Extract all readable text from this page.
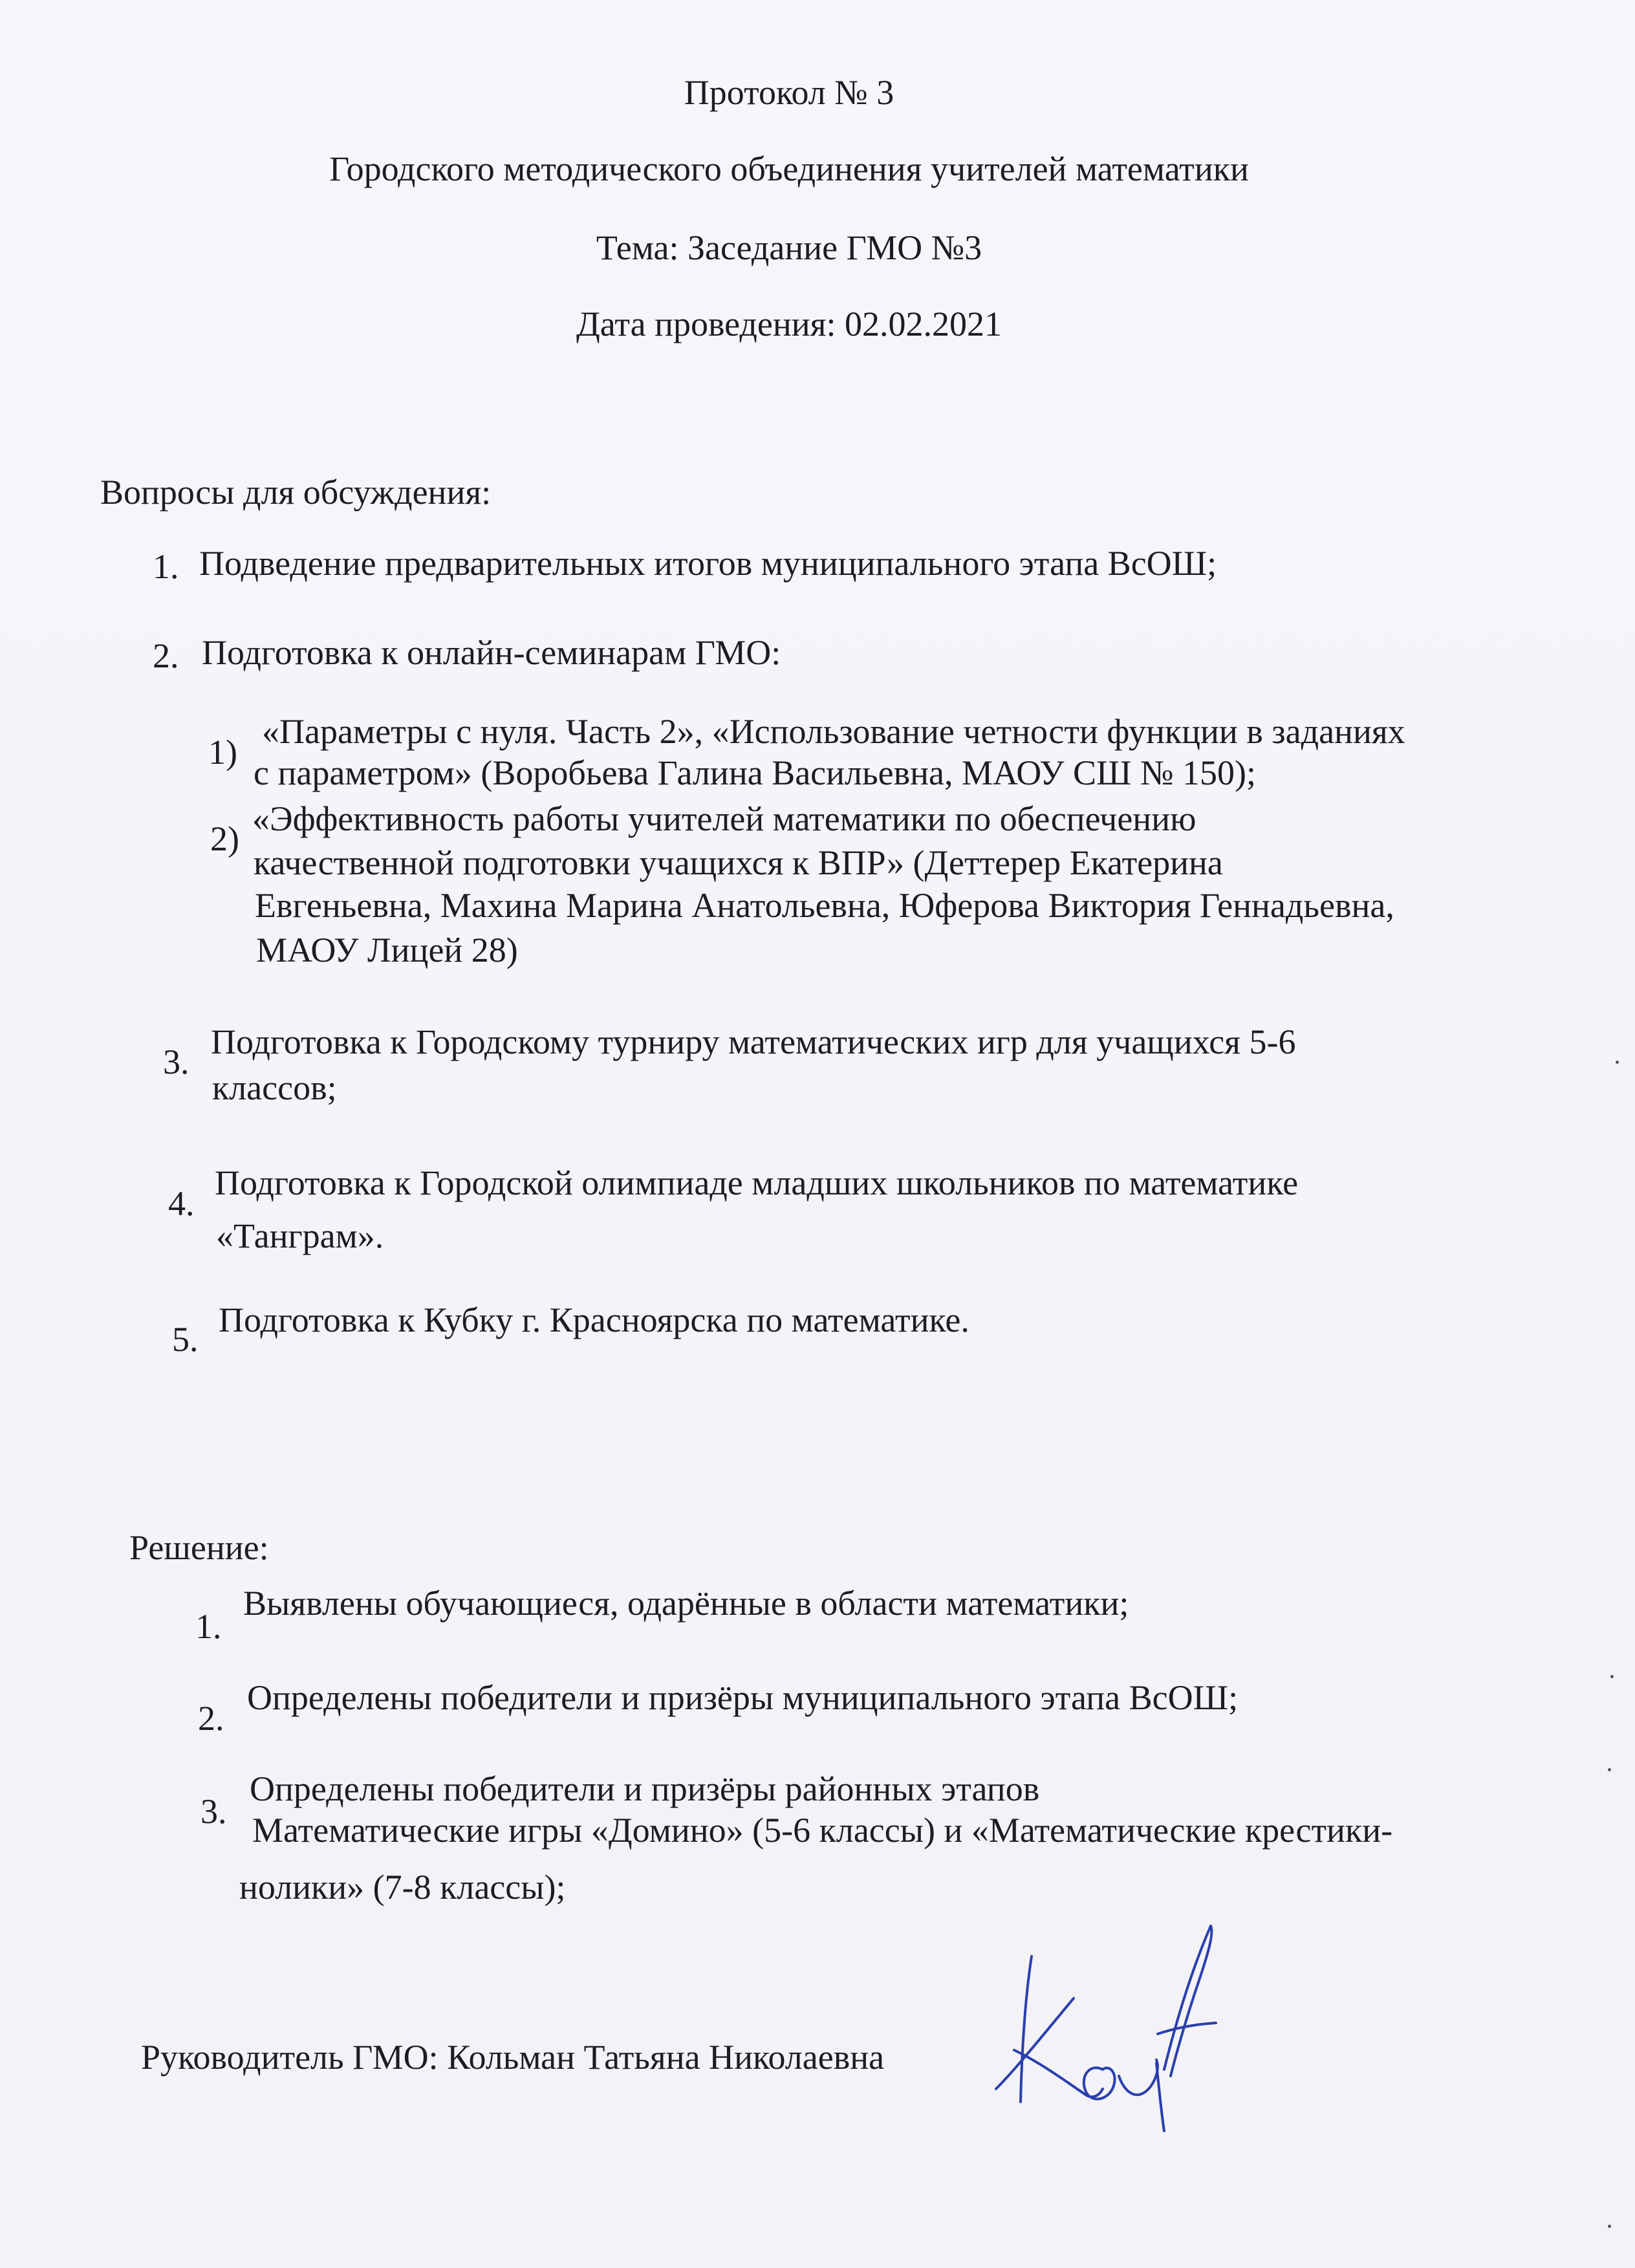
Протокол № 3
Городского методического объединения учителей математики
Тема: Заседание ГМО №3
Дата проведения: 02.02.2021
Вопросы для обсуждения:
1. Подведение предварительных итогов муниципального этапа ВсОШ;
2. Подготовка к онлайн-семинарам ГМО:
1)
«Параметры с нуля. Часть 2», «Использование четности функции в заданиях
с параметром» (Воробьева Галина Васильевна, МАОУ СШ № 150);
2)
«Эффективность работы учителей математики по обеспечению
качественной подготовки учащихся к ВПР» (Деттерер Екатерина
Евгеньевна, Махина Марина Анатольевна, Юферова Виктория Геннадьевна,
МАОУ Лицей 28)
3.
Подготовка к Городскому турниру математических игр для учащихся 5-6
классов;
4.
Подготовка к Городской олимпиаде младших школьников по математике
«Танграм».
5. Подготовка к Кубку г. Красноярска по математике.
Решение:
1.
Выявлены обучающиеся, одарённые в области математики;
2.
Определены победители и призёры муниципального этапа ВсОШ;
3.
Определены победители и призёры районных этапов
Математические игры «Домино» (5-6 классы) и «Математические крестики-
нолики» (7-8 классы);
Руководитель ГМО: Кольман Татьяна Николаевна
